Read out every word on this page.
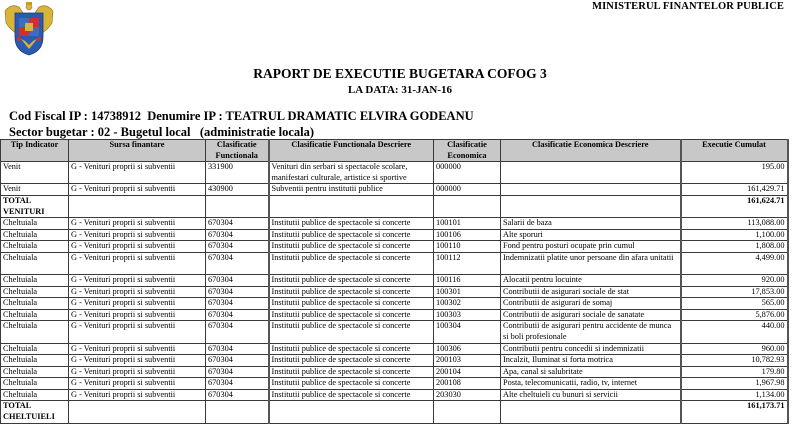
MINISTERUL FINANTELOR PUBLICE
RAPORT DE EXECUTIE BUGETARA COFOG 3
LA DATA: 31-JAN-16
Cod Fiscal IP : 14738912  Denumire IP : TEATRUL DRAMATIC ELVIRA GODEANU
Sector bugetar : 02 - Bugetul local   (administratie locala)
Tip Indicator	Sursa finantare	Clasificatie Functionala	Clasificatie Functionala Descriere	Clasificatie Economica	Clasificatie Economica Descriere	Executie Cumulat
Venit	G - Venituri proprii si subventii	331900	Venituri din serbari si spectacole scolare, manifestari culturale, artistice si sportive	000000		195.00
Venit	G - Venituri proprii si subventii	430900	Subventii pentru institutii publice	000000		161,429.71
TOTAL VENITURI						161,624.71
Cheltuiala	G - Venituri proprii si subventii	670304	Institutii publice de spectacole si concerte	100101	Salarii de baza	113,088.00
Cheltuiala	G - Venituri proprii si subventii	670304	Institutii publice de spectacole si concerte	100106	Alte sporuri	1,100.00
Cheltuiala	G - Venituri proprii si subventii	670304	Institutii publice de spectacole si concerte	100110	Fond pentru posturi ocupate prin cumul	1,808.00
Cheltuiala	G - Venituri proprii si subventii	670304	Institutii publice de spectacole si concerte	100112	Indemnizatii platite unor persoane din afara unitatii	4,499.00
Cheltuiala	G - Venituri proprii si subventii	670304	Institutii publice de spectacole si concerte	100116	Alocatii pentru locuinte	920.00
Cheltuiala	G - Venituri proprii si subventii	670304	Institutii publice de spectacole si concerte	100301	Contributii de asigurari sociale de stat	17,853.00
Cheltuiala	G - Venituri proprii si subventii	670304	Institutii publice de spectacole si concerte	100302	Contributii de asigurari de somaj	565.00
Cheltuiala	G - Venituri proprii si subventii	670304	Institutii publice de spectacole si concerte	100303	Contributii de asigurari sociale de sanatate	5,876.00
Cheltuiala	G - Venituri proprii si subventii	670304	Institutii publice de spectacole si concerte	100304	Contributii de asigurari pentru accidente de munca si boli profesionale	440.00
Cheltuiala	G - Venituri proprii si subventii	670304	Institutii publice de spectacole si concerte	100306	Contributii pentru concedii si indemnizatii	960.00
Cheltuiala	G - Venituri proprii si subventii	670304	Institutii publice de spectacole si concerte	200103	Incalzit, Iluminat si forta motrica	10,782.93
Cheltuiala	G - Venituri proprii si subventii	670304	Institutii publice de spectacole si concerte	200104	Apa, canal si salubritate	179.80
Cheltuiala	G - Venituri proprii si subventii	670304	Institutii publice de spectacole si concerte	200108	Posta, telecomunicatii, radio, tv, internet	1,967.98
Cheltuiala	G - Venituri proprii si subventii	670304	Institutii publice de spectacole si concerte	203030	Alte cheltuieli cu bunuri si servicii	1,134.00
TOTAL CHELTUIELI						161,173.71
